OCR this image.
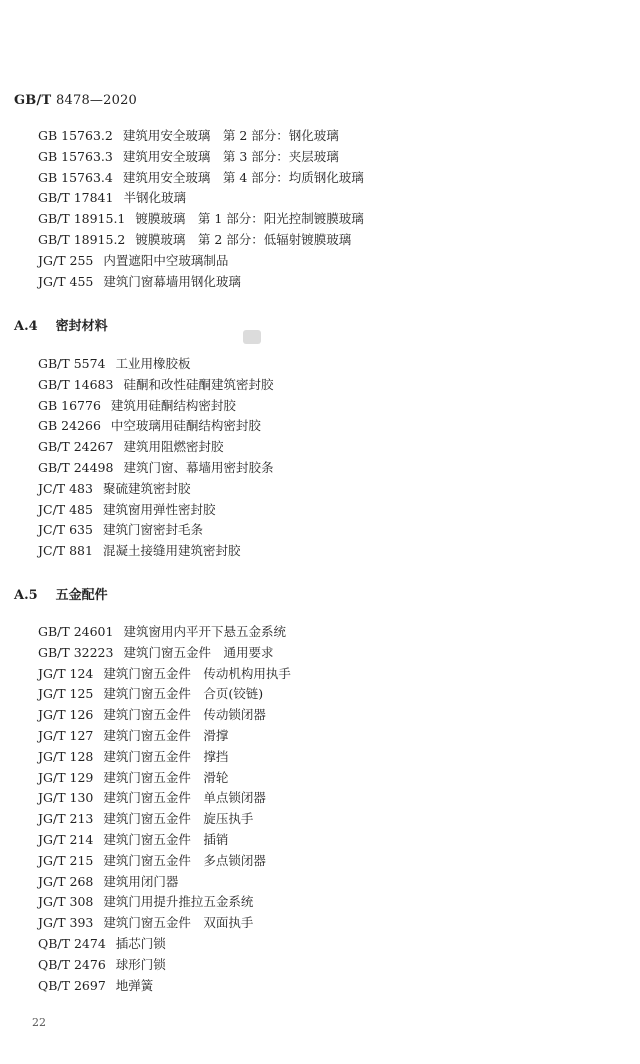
GB/T 8478—2020
GB 15763.2 建筑用安全玻璃　第 2 部分：钢化玻璃
GB 15763.3 建筑用安全玻璃　第 3 部分：夹层玻璃
GB 15763.4 建筑用安全玻璃　第 4 部分：均质钢化玻璃
GB/T 17841 半钢化玻璃
GB/T 18915.1 镀膜玻璃　第 1 部分：阳光控制镀膜玻璃
GB/T 18915.2 镀膜玻璃　第 2 部分：低辐射镀膜玻璃
JG/T 255 内置遮阳中空玻璃制品
JG/T 455 建筑门窗幕墙用钢化玻璃
A.4 密封材料
GB/T 5574 工业用橡胶板
GB/T 14683 硅酮和改性硅酮建筑密封胶
GB 16776 建筑用硅酮结构密封胶
GB 24266 中空玻璃用硅酮结构密封胶
GB/T 24267 建筑用阻燃密封胶
GB/T 24498 建筑门窗、幕墙用密封胶条
JC/T 483 聚硫建筑密封胶
JC/T 485 建筑窗用弹性密封胶
JC/T 635 建筑门窗密封毛条
JC/T 881 混凝土接缝用建筑密封胶
A.5 五金配件
GB/T 24601 建筑窗用内平开下悬五金系统
GB/T 32223 建筑门窗五金件　通用要求
JG/T 124 建筑门窗五金件　传动机构用执手
JG/T 125 建筑门窗五金件　合页(铰链)
JG/T 126 建筑门窗五金件　传动锁闭器
JG/T 127 建筑门窗五金件　滑撑
JG/T 128 建筑门窗五金件　撑挡
JG/T 129 建筑门窗五金件　滑轮
JG/T 130 建筑门窗五金件　单点锁闭器
JG/T 213 建筑门窗五金件　旋压执手
JG/T 214 建筑门窗五金件　插销
JG/T 215 建筑门窗五金件　多点锁闭器
JG/T 268 建筑用闭门器
JG/T 308 建筑门用提升推拉五金系统
JG/T 393 建筑门窗五金件　双面执手
QB/T 2474 插芯门锁
QB/T 2476 球形门锁
QB/T 2697 地弹簧
22
